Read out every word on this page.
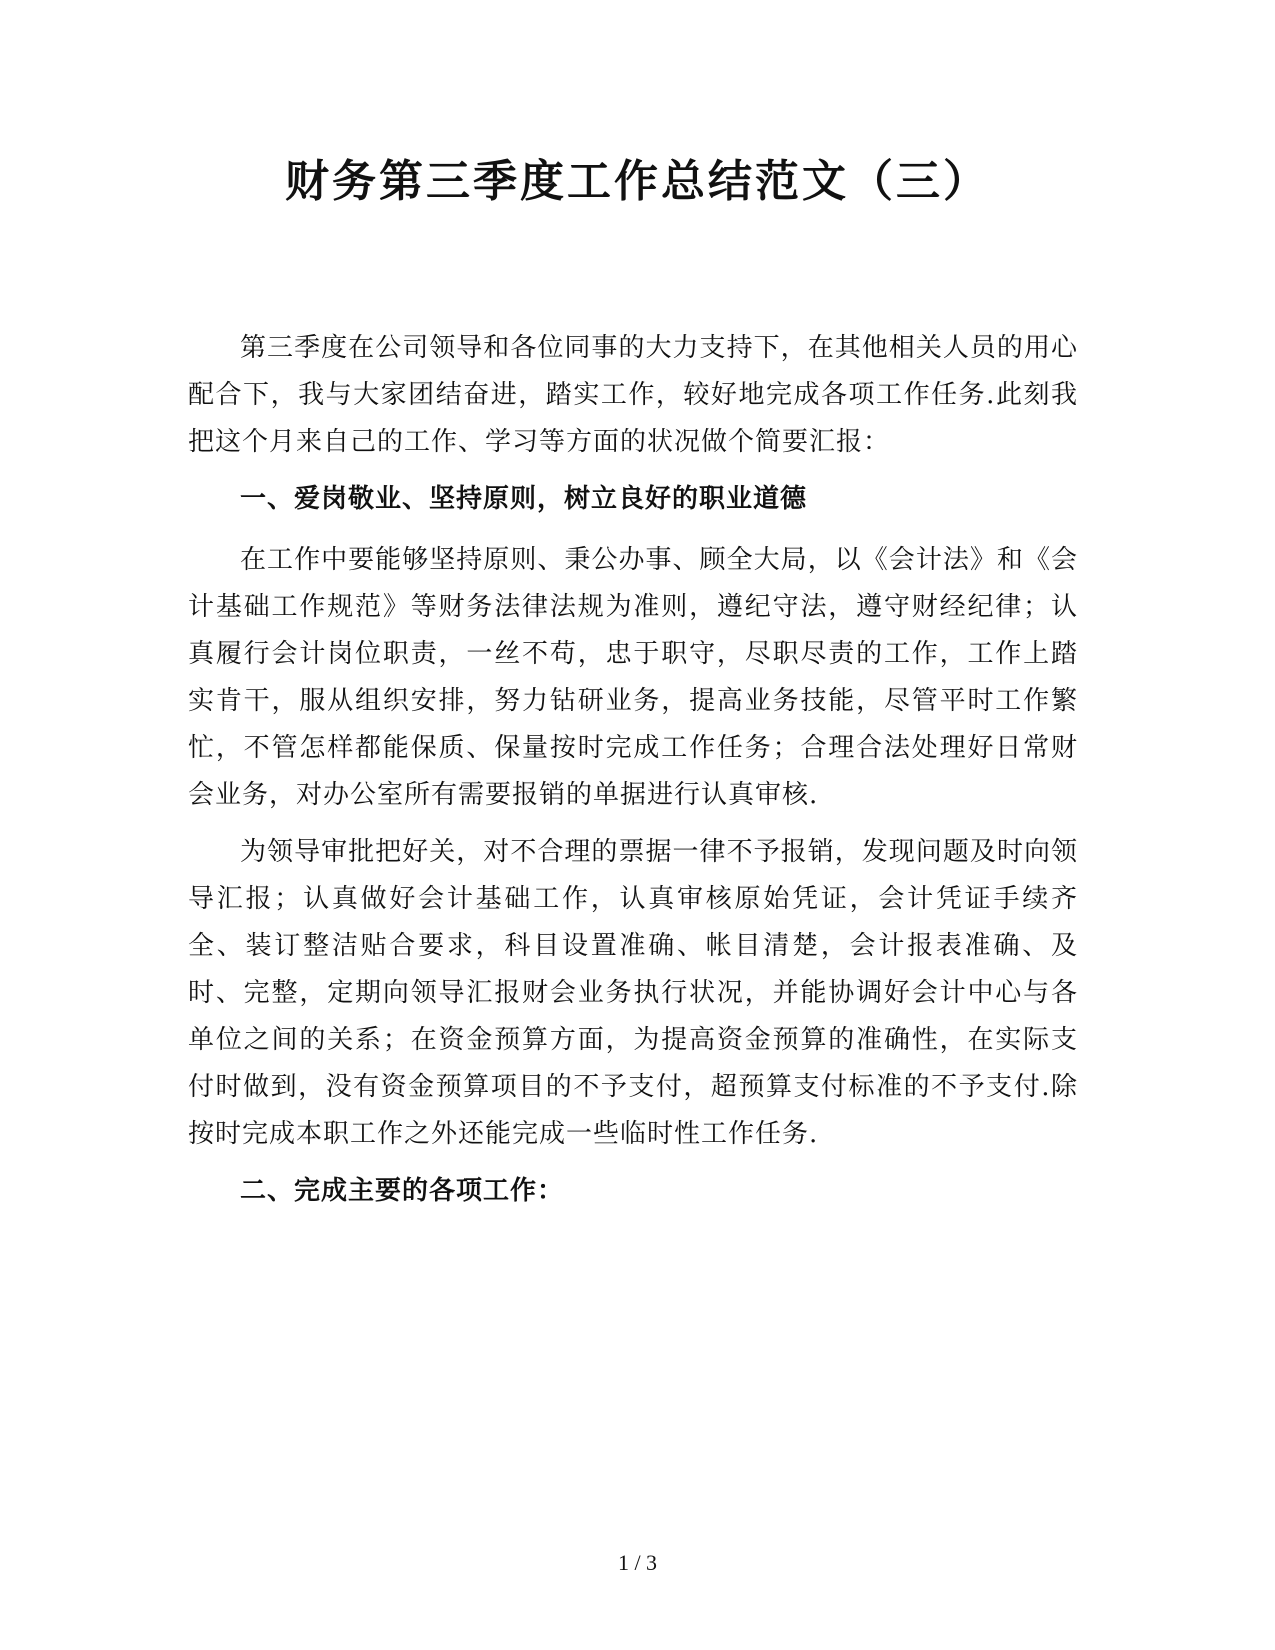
财务第三季度工作总结范文（三）

第三季度在公司领导和各位同事的大力支持下，在其他相关人员的用心配合下，我与大家团结奋进，踏实工作，较好地完成各项工作任务.此刻我把这个月来自己的工作、学习等方面的状况做个简要汇报：

一、爱岗敬业、坚持原则，树立良好的职业道德

在工作中要能够坚持原则、秉公办事、顾全大局，以《会计法》和《会计基础工作规范》等财务法律法规为准则，遵纪守法，遵守财经纪律；认真履行会计岗位职责，一丝不苟，忠于职守，尽职尽责的工作，工作上踏实肯干，服从组织安排，努力钻研业务，提高业务技能，尽管平时工作繁忙，不管怎样都能保质、保量按时完成工作任务；合理合法处理好日常财会业务，对办公室所有需要报销的单据进行认真审核.

为领导审批把好关，对不合理的票据一律不予报销，发现问题及时向领导汇报；认真做好会计基础工作，认真审核原始凭证，会计凭证手续齐全、装订整洁贴合要求，科目设置准确、帐目清楚，会计报表准确、及时、完整，定期向领导汇报财会业务执行状况，并能协调好会计中心与各单位之间的关系；在资金预算方面，为提高资金预算的准确性，在实际支付时做到，没有资金预算项目的不予支付，超预算支付标准的不予支付.除按时完成本职工作之外还能完成一些临时性工作任务.

二、完成主要的各项工作：

1 / 3
